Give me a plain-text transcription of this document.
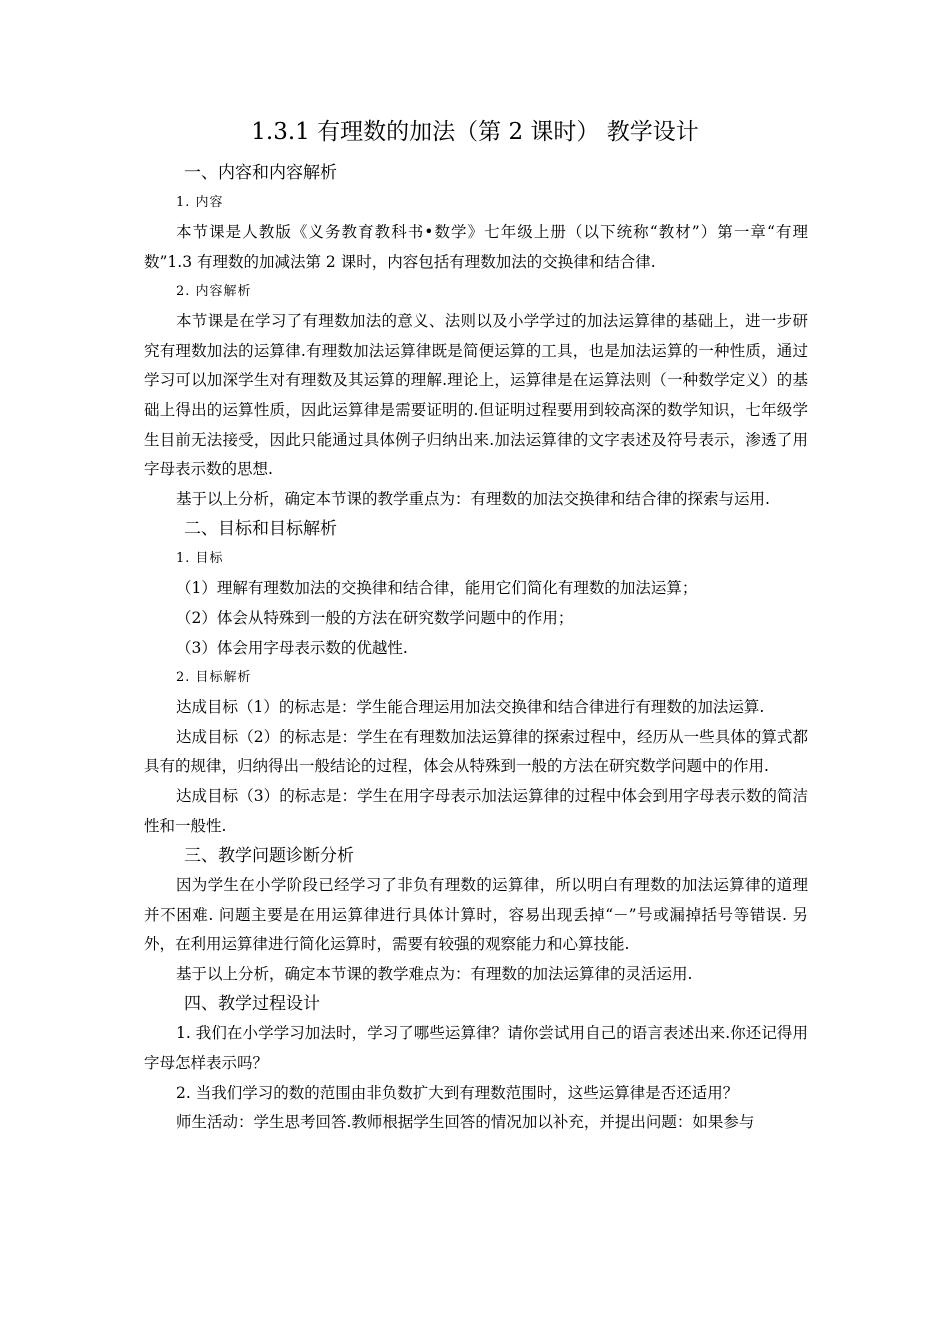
1.3.1 有理数的加法（第 2 课时） 教学设计

一、内容和内容解析

1. 内容

本节课是人教版《义务教育教科书•数学》七年级上册（以下统称“教材”）第一章“有理数”1.3 有理数的加减法第 2 课时，内容包括有理数加法的交换律和结合律.

2. 内容解析

本节课是在学习了有理数加法的意义、法则以及小学学过的加法运算律的基础上，进一步研究有理数加法的运算律.有理数加法运算律既是简便运算的工具，也是加法运算的一种性质，通过学习可以加深学生对有理数及其运算的理解.理论上，运算律是在运算法则（一种数学定义）的基础上得出的运算性质，因此运算律是需要证明的.但证明过程要用到较高深的数学知识，七年级学生目前无法接受，因此只能通过具体例子归纳出来.加法运算律的文字表述及符号表示，渗透了用字母表示数的思想.

基于以上分析，确定本节课的教学重点为：有理数的加法交换律和结合律的探索与运用.

二、目标和目标解析

1. 目标

（1）理解有理数加法的交换律和结合律，能用它们简化有理数的加法运算；

（2）体会从特殊到一般的方法在研究数学问题中的作用；

（3）体会用字母表示数的优越性.

2. 目标解析

达成目标（1）的标志是：学生能合理运用加法交换律和结合律进行有理数的加法运算.

达成目标（2）的标志是：学生在有理数加法运算律的探索过程中，经历从一些具体的算式都具有的规律，归纳得出一般结论的过程，体会从特殊到一般的方法在研究数学问题中的作用.

达成目标（3）的标志是：学生在用字母表示加法运算律的过程中体会到用字母表示数的简洁性和一般性.

三、教学问题诊断分析

因为学生在小学阶段已经学习了非负有理数的运算律，所以明白有理数的加法运算律的道理并不困难. 问题主要是在用运算律进行具体计算时，容易出现丢掉“－”号或漏掉括号等错误. 另外，在利用运算律进行简化运算时，需要有较强的观察能力和心算技能.

基于以上分析，确定本节课的教学难点为：有理数的加法运算律的灵活运用.

四、教学过程设计

1. 我们在小学学习加法时，学习了哪些运算律？请你尝试用自己的语言表述出来.你还记得用字母怎样表示吗？

2. 当我们学习的数的范围由非负数扩大到有理数范围时，这些运算律是否还适用？

师生活动：学生思考回答.教师根据学生回答的情况加以补充，并提出问题：如果参与
